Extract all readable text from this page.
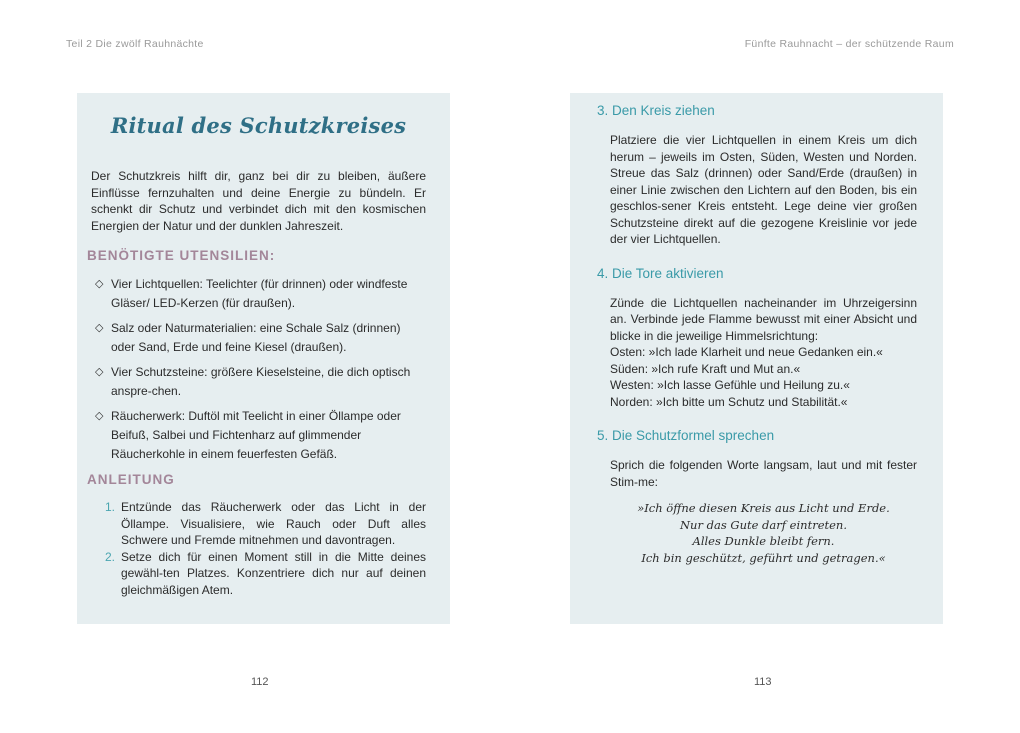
Teil 2 Die zwölf Rauhnächte	Fünfte Rauhnacht – der schützende Raum
Ritual des Schutzkreises

Der Schutzkreis hilft dir, ganz bei dir zu bleiben, äußere Einflüsse fernzuhalten und deine Energie zu bündeln. Er schenkt dir Schutz und verbindet dich mit den kosmischen Energien der Natur und der dunklen Jahreszeit.

BENÖTIGTE UTENSILIEN:
◇ Vier Lichtquellen: Teelichter (für drinnen) oder windfeste Gläser/ LED-Kerzen (für draußen).
◇ Salz oder Naturmaterialien: eine Schale Salz (drinnen) oder Sand, Erde und feine Kiesel (draußen).
◇ Vier Schutzsteine: größere Kieselsteine, die dich optisch anspre-chen.
◇ Räucherwerk: Duftöl mit Teelicht in einer Öllampe oder Beifuß, Salbei und Fichtenharz auf glimmender Räucherkohle in einem feuerfesten Gefäß.
ANLEITUNG
1. Entzünde das Räucherwerk oder das Licht in der Öllampe. Visualisiere, wie Rauch oder Duft alles Schwere und Fremde mitnehmen und davontragen.
2. Setze dich für einen Moment still in die Mitte deines gewähl-ten Platzes. Konzentriere dich nur auf deinen gleichmäßigen Atem.
3. Den Kreis ziehen

Platziere die vier Lichtquellen in einem Kreis um dich herum – jeweils im Osten, Süden, Westen und Norden. Streue das Salz (drinnen) oder Sand/Erde (draußen) in einer Linie zwischen den Lichtern auf den Boden, bis ein geschlos-sener Kreis entsteht. Lege deine vier großen Schutzsteine direkt auf die gezogene Kreislinie vor jede der vier Lichtquellen.

4. Die Tore aktivieren

Zünde die Lichtquellen nacheinander im Uhrzeigersinn an. Verbinde jede Flamme bewusst mit einer Absicht und blicke in die jeweilige Himmelsrichtung:

Osten: »Ich lade Klarheit und neue Gedanken ein.«
Süden: »Ich rufe Kraft und Mut an.«
Westen: »Ich lasse Gefühle und Heilung zu.«
Norden: »Ich bitte um Schutz und Stabilität.«
5. Die Schutzformel sprechen

Sprich die folgenden Worte langsam, laut und mit fester Stim-me:

»Ich öffne diesen Kreis aus Licht und Erde.
Nur das Gute darf eintreten.
Alles Dunkle bleibt fern.
Ich bin geschützt, geführt und getragen.«
112	113
